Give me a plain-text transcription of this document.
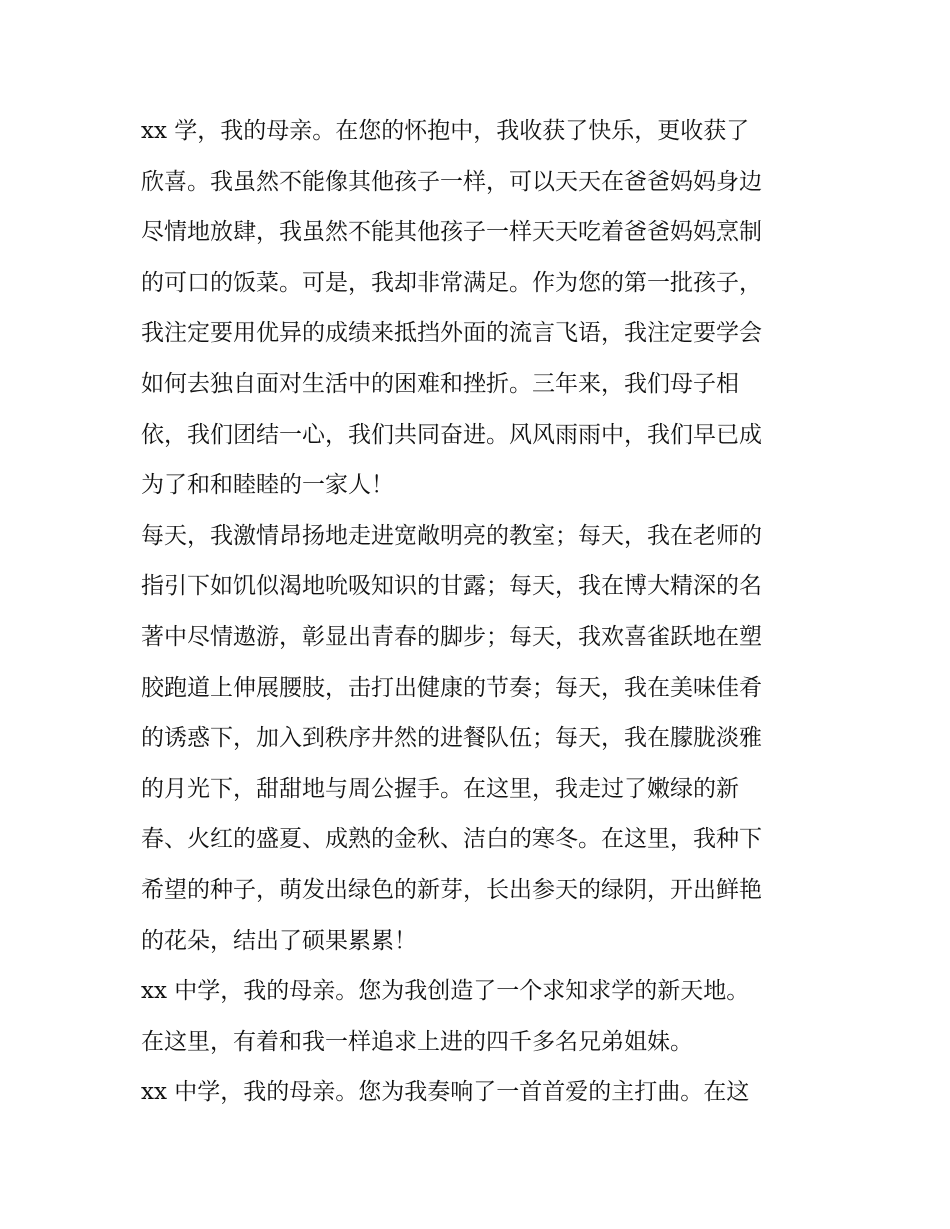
xx 学，我的母亲。在您的怀抱中，我收获了快乐，更收获了
欣喜。我虽然不能像其他孩子一样，可以天天在爸爸妈妈身边
尽情地放肆，我虽然不能其他孩子一样天天吃着爸爸妈妈烹制
的可口的饭菜。可是，我却非常满足。作为您的第一批孩子，
我注定要用优异的成绩来抵挡外面的流言飞语，我注定要学会
如何去独自面对生活中的困难和挫折。三年来，我们母子相
依，我们团结一心，我们共同奋进。风风雨雨中，我们早已成
为了和和睦睦的一家人！
每天，我激情昂扬地走进宽敞明亮的教室；每天，我在老师的
指引下如饥似渴地吮吸知识的甘露；每天，我在博大精深的名
著中尽情遨游，彰显出青春的脚步；每天，我欢喜雀跃地在塑
胶跑道上伸展腰肢，击打出健康的节奏；每天，我在美味佳肴
的诱惑下，加入到秩序井然的进餐队伍；每天，我在朦胧淡雅
的月光下，甜甜地与周公握手。在这里，我走过了嫩绿的新
春、火红的盛夏、成熟的金秋、洁白的寒冬。在这里，我种下
希望的种子，萌发出绿色的新芽，长出参天的绿阴，开出鲜艳
的花朵，结出了硕果累累！
xx 中学，我的母亲。您为我创造了一个求知求学的新天地。
在这里，有着和我一样追求上进的四千多名兄弟姐妹。
xx 中学，我的母亲。您为我奏响了一首首爱的主打曲。在这
